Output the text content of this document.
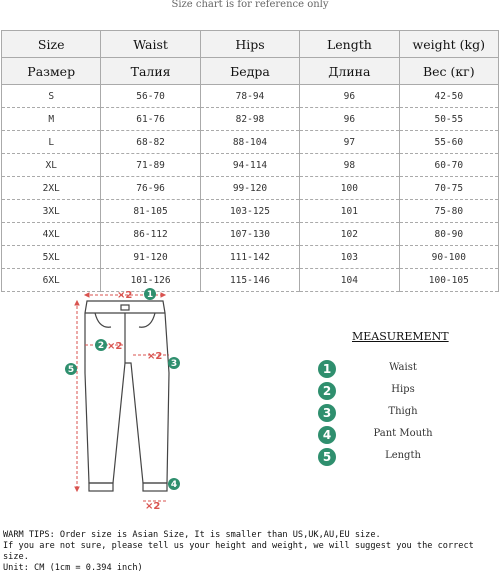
Size chart is for reference only
Size	Waist	Hips	Length	weight (kg)
Размер	Талия	Бедра	Длина	Вес (кг)
S	56-70	78-94	96	42-50
M	61-76	82-98	96	50-55
L	68-82	88-104	97	55-60
XL	71-89	94-114	98	60-70
2XL	76-96	99-120	100	70-75
3XL	81-105	103-125	101	75-80
4XL	86-112	107-130	102	80-90
5XL	91-120	111-142	103	90-100
6XL	101-126	115-146	104	100-105
×2
×2
×2
×2
1
2
3
4
5
MEASUREMENT
1	Waist
2	Hips
3	Thigh
4	Pant Mouth
5	Length
WARM TIPS: Order size is Asian Size, It is smaller than US,UK,AU,EU size.
If you are not sure, please tell us your height and weight, we will suggest you the correct size.
Unit: CM (1cm = 0.394 inch)
